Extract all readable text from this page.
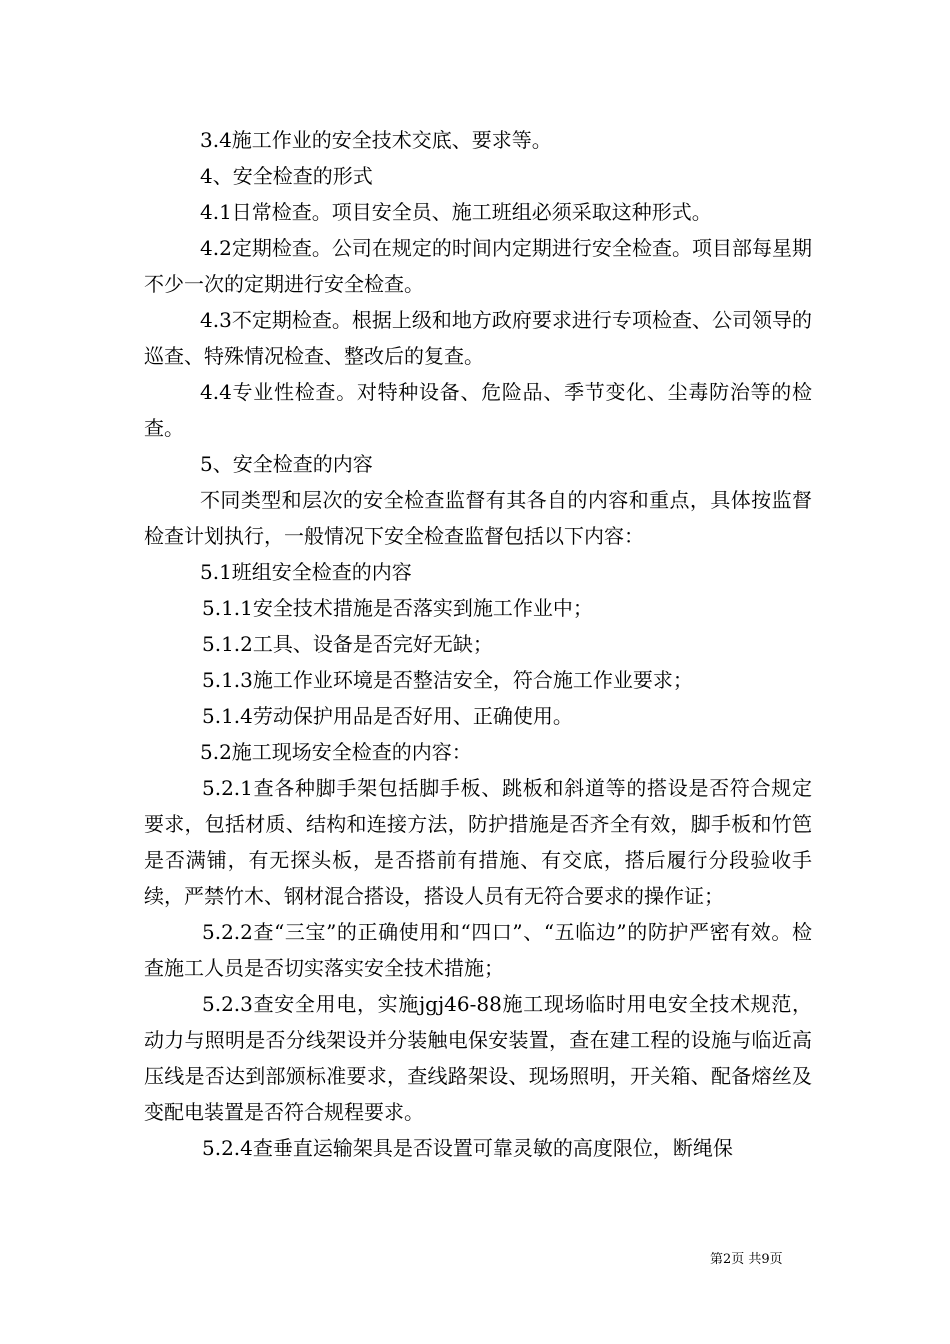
3.4施工作业的安全技术交底、要求等。

4、安全检查的形式

4.1日常检查。项目安全员、施工班组必须采取这种形式。

4.2定期检查。公司在规定的时间内定期进行安全检查。项目部每星期不少一次的定期进行安全检查。

4.3不定期检查。根据上级和地方政府要求进行专项检查、公司领导的巡查、特殊情况检查、整改后的复查。

4.4专业性检查。对特种设备、危险品、季节变化、尘毒防治等的检查。

5、安全检查的内容

不同类型和层次的安全检查监督有其各自的内容和重点，具体按监督检查计划执行，一般情况下安全检查监督包括以下内容：

5.1班组安全检查的内容

5.1.1安全技术措施是否落实到施工作业中；

5.1.2工具、设备是否完好无缺；

5.1.3施工作业环境是否整洁安全，符合施工作业要求；

5.1.4劳动保护用品是否好用、正确使用。

5.2施工现场安全检查的内容：

5.2.1查各种脚手架包括脚手板、跳板和斜道等的搭设是否符合规定要求，包括材质、结构和连接方法，防护措施是否齐全有效，脚手板和竹笆是否满铺，有无探头板，是否搭前有措施、有交底，搭后履行分段验收手续，严禁竹木、钢材混合搭设，搭设人员有无符合要求的操作证；

5.2.2查“三宝”的正确使用和“四口”、“五临边”的防护严密有效。检查施工人员是否切实落实安全技术措施；

5.2.3查安全用电，实施jgj46-88施工现场临时用电安全技术规范，动力与照明是否分线架设并分装触电保安装置，查在建工程的设施与临近高压线是否达到部颁标准要求，查线路架设、现场照明，开关箱、配备熔丝及变配电装置是否符合规程要求。

5.2.4查垂直运输架具是否设置可靠灵敏的高度限位，断绳保

第2页 共9页
